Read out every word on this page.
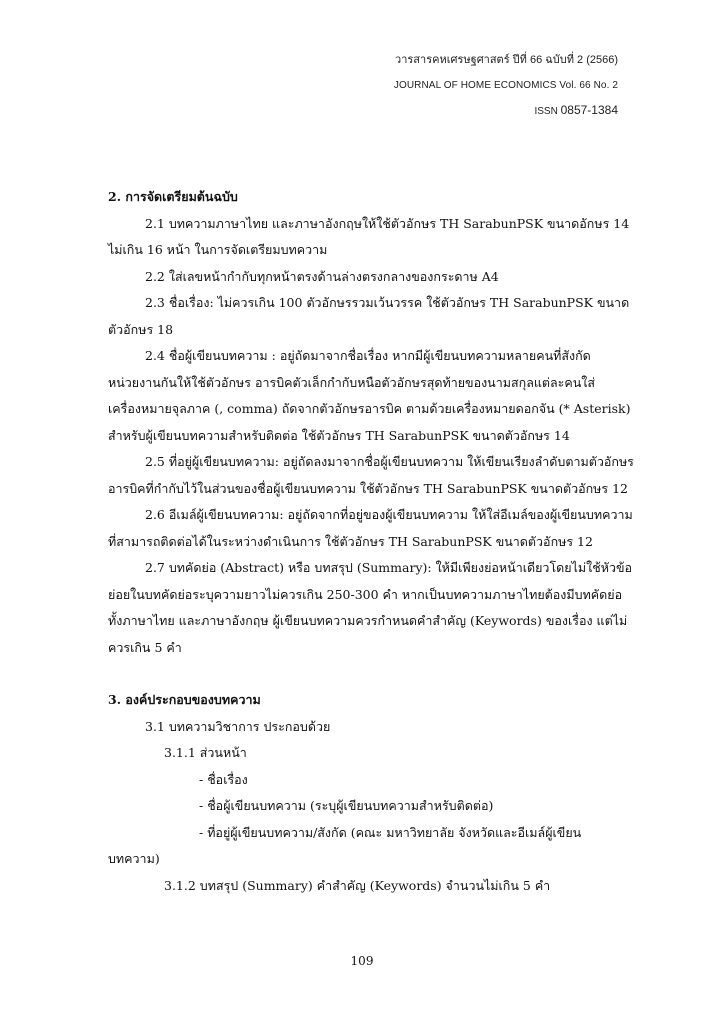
วารสารคหเศรษฐศาสตร์ ปีที่ 66 ฉบับที่ 2 (2566)
JOURNAL OF HOME ECONOMICS Vol. 66 No. 2
ISSN 0857-1384

2. การจัดเตรียมต้นฉบับ

2.1 บทความภาษาไทย และภาษาอังกฤษให้ใช้ตัวอักษร TH SarabunPSK ขนาดอักษร 14

ไม่เกิน 16 หน้า ในการจัดเตรียมบทความ

2.2 ใส่เลขหน้ากำกับทุกหน้าตรงด้านล่างตรงกลางของกระดาษ A4

2.3 ชื่อเรื่อง: ไม่ควรเกิน 100 ตัวอักษรรวมเว้นวรรค ใช้ตัวอักษร TH SarabunPSK ขนาด

ตัวอักษร 18

2.4 ชื่อผู้เขียนบทความ : อยู่ถัดมาจากชื่อเรื่อง หากมีผู้เขียนบทความหลายคนที่สังกัด

หน่วยงานกันให้ใช้ตัวอักษร อารบิคตัวเล็กกำกับหนือตัวอักษรสุดท้ายของนามสกุลแต่ละคนใส่

เครื่องหมายจุลภาค (, comma) ถัดจากตัวอักษรอารบิค ตามด้วยเครื่องหมายดอกจัน (* Asterisk)

สำหรับผู้เขียนบทความสำหรับติดต่อ ใช้ตัวอักษร TH SarabunPSK ขนาดตัวอักษร 14

2.5 ที่อยู่ผู้เขียนบทความ: อยู่ถัดลงมาจากชื่อผู้เขียนบทความ ให้เขียนเรียงลำดับตามตัวอักษร

อารบิคที่กำกับไว้ในส่วนของชื่อผู้เขียนบทความ ใช้ตัวอักษร TH SarabunPSK ขนาดตัวอักษร 12

2.6 อีเมล์ผู้เขียนบทความ: อยู่ถัดจากที่อยู่ของผู้เขียนบทความ ให้ใส่อีเมล์ของผู้เขียนบทความ

ที่สามารถติดต่อได้ในระหว่างดำเนินการ ใช้ตัวอักษร TH SarabunPSK ขนาดตัวอักษร 12

2.7 บทคัดย่อ (Abstract) หรือ บทสรุป (Summary): ให้มีเพียงย่อหน้าเดียวโดยไม่ใช้หัวข้อ

ย่อยในบทคัดย่อระบุความยาวไม่ควรเกิน 250-300 คำ หากเป็นบทความภาษาไทยต้องมีบทคัดย่อ

ทั้งภาษาไทย และภาษาอังกฤษ ผู้เขียนบทความควรกำหนดคำสำคัญ (Keywords) ของเรื่อง แต่ไม่

ควรเกิน 5 คำ

3. องค์ประกอบของบทความ

3.1 บทความวิชาการ ประกอบด้วย

3.1.1 ส่วนหน้า

- ชื่อเรื่อง

- ชื่อผู้เขียนบทความ (ระบุผู้เขียนบทความสำหรับติดต่อ)

- ที่อยู่ผู้เขียนบทความ/สังกัด (คณะ มหาวิทยาลัย จังหวัดและอีเมล์ผู้เขียน

บทความ)

3.1.2 บทสรุป (Summary) คำสำคัญ (Keywords) จำนวนไม่เกิน 5 คำ

109
